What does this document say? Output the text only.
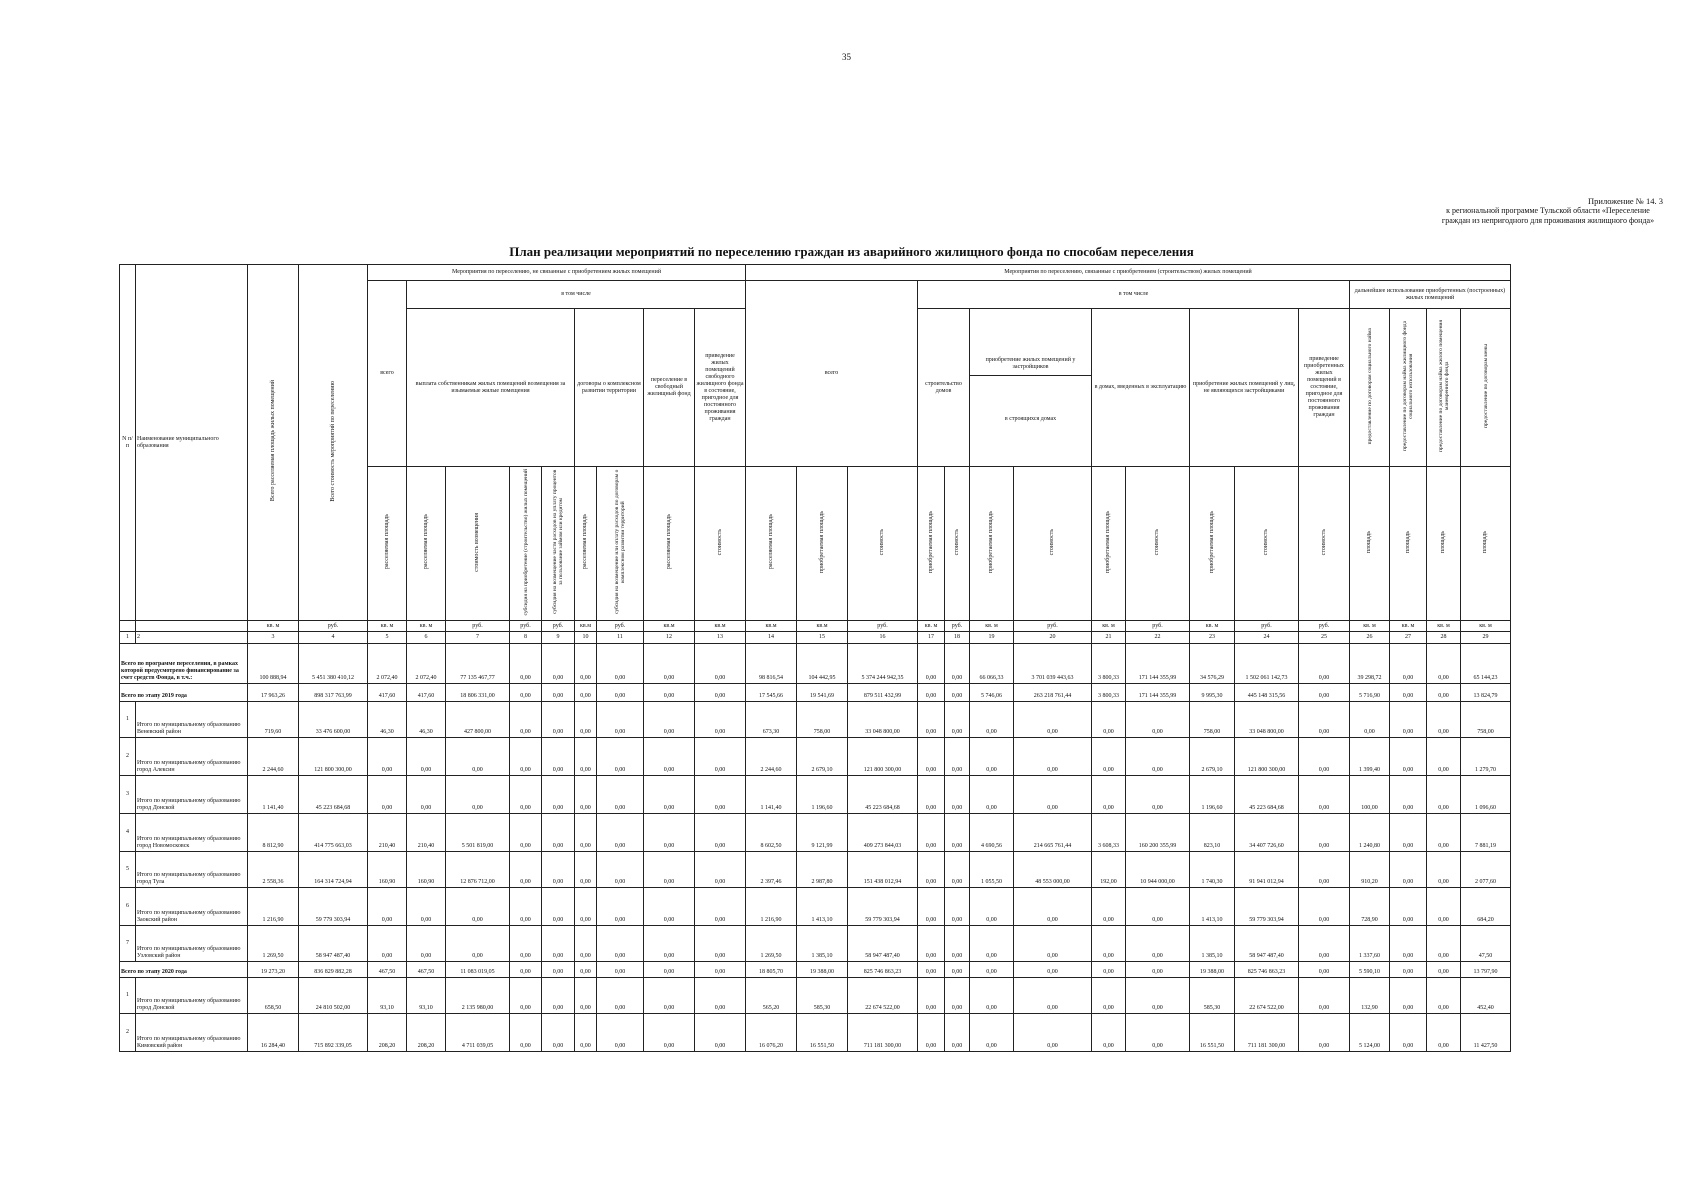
35
Приложение № 14. 3
к региональной программе Тульской области «Переселение граждан из непригодного для проживания жилищного фонда»
План реализации мероприятий по переселению граждан из аварийного жилищного фонда по способам переселения
N п/п	Наименование муниципального образования	Всего расселяемая площадь жилых помещений	Всего стоимость мероприятий по переселению	Мероприятия по переселению, не связанные с приобретением жилых помещений									Мероприятия по переселению, связанные с приобретением (строительством) жилых помещений															
				всего	в том числе								всего			в том числе									дальнейшее использование приобретенных (построенных) жилых помещений			
					выплата собственникам жилых помещений возмещения за изымаемые жилые помещения				договоры о комплексном развитии территории		переселение в свободный жилищный фонд	приведение жилых помещений свободного жилищного фонда в состояние, пригодное для постоянного проживания граждан				строительство домов		приобретение жилых помещений у застройщиков
в строящихся домах		в домах, введенных в эксплуатацию		приобретение жилых помещений у лиц, не являющихся застройщиками		приведение приобретенных жилых помещений в состояние, пригодное для постоянного проживания граждан	предоставление по договорам социального найма	предоставление по договорам найма жилищного фонда социального использования	предоставление по договорам найма жилого помещения маневренного фонда	предоставление по договорам мены
				расселяемая площадь	расселяемая площадь	стоимость возмещения	субсидия на приобретение (строительство) жилых помещений	субсидия на возмещение части расходов на уплату процентов за пользование займом или кредитом	расселяемая площадь	субсидия на возмещение или оплату расходов по договорам о комплексном развитии территорий	расселяемая площадь	стоимость	расселяемая площадь	приобретаемая площадь	стоимость	приобретаемая площадь	стоимость	приобретаемая площадь	стоимость	приобретаемая площадь	стоимость	приобретаемая площадь	стоимость	стоимость	площадь	площадь	площадь	площадь
		кв. м	руб.	кв. м	кв. м	руб.	руб.	руб.	кв.м	руб.	кв.м	кв.м	кв.м	кв.м	руб.	кв. м	руб.	кв. м	руб.	кв. м	руб.	кв. м	руб.	руб.	кв. м	кв. м	кв. м	кв. м
1	2	3	4	5	6	7	8	9	10	11	12	13	14	15	16	17	18	19	20	21	22	23	24	25	26	27	28	29
Всего по программе переселения, в рамках которой предусмотрено финансирование за счет средств Фонда, в т.ч.:		100 888,94	5 451 380 410,12	2 072,40	2 072,40	77 135 467,77	0,00	0,00	0,00	0,00	0,00	0,00	98 816,54	104 442,95	5 374 244 942,35	0,00	0,00	66 066,33	3 701 039 443,63	3 800,33	171 144 355,99	34 576,29	1 502 061 142,73	0,00	39 298,72	0,00	0,00	65 144,23
Всего по этапу 2019 года		17 963,26	898 317 763,99	417,60	417,60	18 806 331,00	0,00	0,00	0,00	0,00	0,00	0,00	17 545,66	19 541,69	879 511 432,99	0,00	0,00	5 746,06	263 218 761,44	3 800,33	171 144 355,99	9 995,30	445 148 315,56	0,00	5 716,90	0,00	0,00	13 824,79
1	Итого по муниципальному образованию Веневский район	719,60	33 476 600,00	46,30	46,30	427 800,00	0,00	0,00	0,00	0,00	0,00	0,00	673,30	758,00	33 048 800,00	0,00	0,00	0,00	0,00	0,00	0,00	758,00	33 048 800,00	0,00	0,00	0,00	0,00	758,00
2	Итого по муниципальному образованию город Алексин	2 244,60	121 800 300,00	0,00	0,00	0,00	0,00	0,00	0,00	0,00	0,00	0,00	2 244,60	2 679,10	121 800 300,00	0,00	0,00	0,00	0,00	0,00	0,00	2 679,10	121 800 300,00	0,00	1 399,40	0,00	0,00	1 279,70
3	Итого по муниципальному образованию город Донской	1 141,40	45 223 684,68	0,00	0,00	0,00	0,00	0,00	0,00	0,00	0,00	0,00	1 141,40	1 196,60	45 223 684,68	0,00	0,00	0,00	0,00	0,00	0,00	1 196,60	45 223 684,68	0,00	100,00	0,00	0,00	1 096,60
4	Итого по муниципальному образованию город Новомосковск	8 812,90	414 775 663,03	210,40	210,40	5 501 819,00	0,00	0,00	0,00	0,00	0,00	0,00	8 602,50	9 121,99	409 273 844,03	0,00	0,00	4 690,56	214 665 761,44	3 608,33	160 200 355,99	823,10	34 407 726,60	0,00	1 240,80	0,00	0,00	7 881,19
5	Итого по муниципальному образованию город Тула	2 558,36	164 314 724,94	160,90	160,90	12 876 712,00	0,00	0,00	0,00	0,00	0,00	0,00	2 397,46	2 987,80	151 438 012,94	0,00	0,00	1 055,50	48 553 000,00	192,00	10 944 000,00	1 740,30	91 941 012,94	0,00	910,20	0,00	0,00	2 077,60
6	Итого по муниципальному образованию Заокский район	1 216,90	59 779 303,94	0,00	0,00	0,00	0,00	0,00	0,00	0,00	0,00	0,00	1 216,90	1 413,10	59 779 303,94	0,00	0,00	0,00	0,00	0,00	0,00	1 413,10	59 779 303,94	0,00	728,90	0,00	0,00	684,20
7	Итого по муниципальному образованию Узловский район	1 269,50	58 947 487,40	0,00	0,00	0,00	0,00	0,00	0,00	0,00	0,00	0,00	1 269,50	1 385,10	58 947 487,40	0,00	0,00	0,00	0,00	0,00	0,00	1 385,10	58 947 487,40	0,00	1 337,60	0,00	0,00	47,50
Всего по этапу 2020 года		19 273,20	836 829 882,28	467,50	467,50	11 083 019,05	0,00	0,00	0,00	0,00	0,00	0,00	18 805,70	19 388,00	825 746 863,23	0,00	0,00	0,00	0,00	0,00	0,00	19 388,00	825 746 863,23	0,00	5 590,10	0,00	0,00	13 797,90
1	Итого по муниципальному образованию город Донской	658,50	24 810 502,00	93,10	93,10	2 135 980,00	0,00	0,00	0,00	0,00	0,00	0,00	565,20	585,30	22 674 522,00	0,00	0,00	0,00	0,00	0,00	0,00	585,30	22 674 522,00	0,00	132,90	0,00	0,00	452,40
2	Итого по муниципальному образованию Кимовский район	16 284,40	715 892 339,05	208,20	208,20	4 711 039,05	0,00	0,00	0,00	0,00	0,00	0,00	16 076,20	16 551,50	711 181 300,00	0,00	0,00	0,00	0,00	0,00	0,00	16 551,50	711 181 300,00	0,00	5 124,00	0,00	0,00	11 427,50
